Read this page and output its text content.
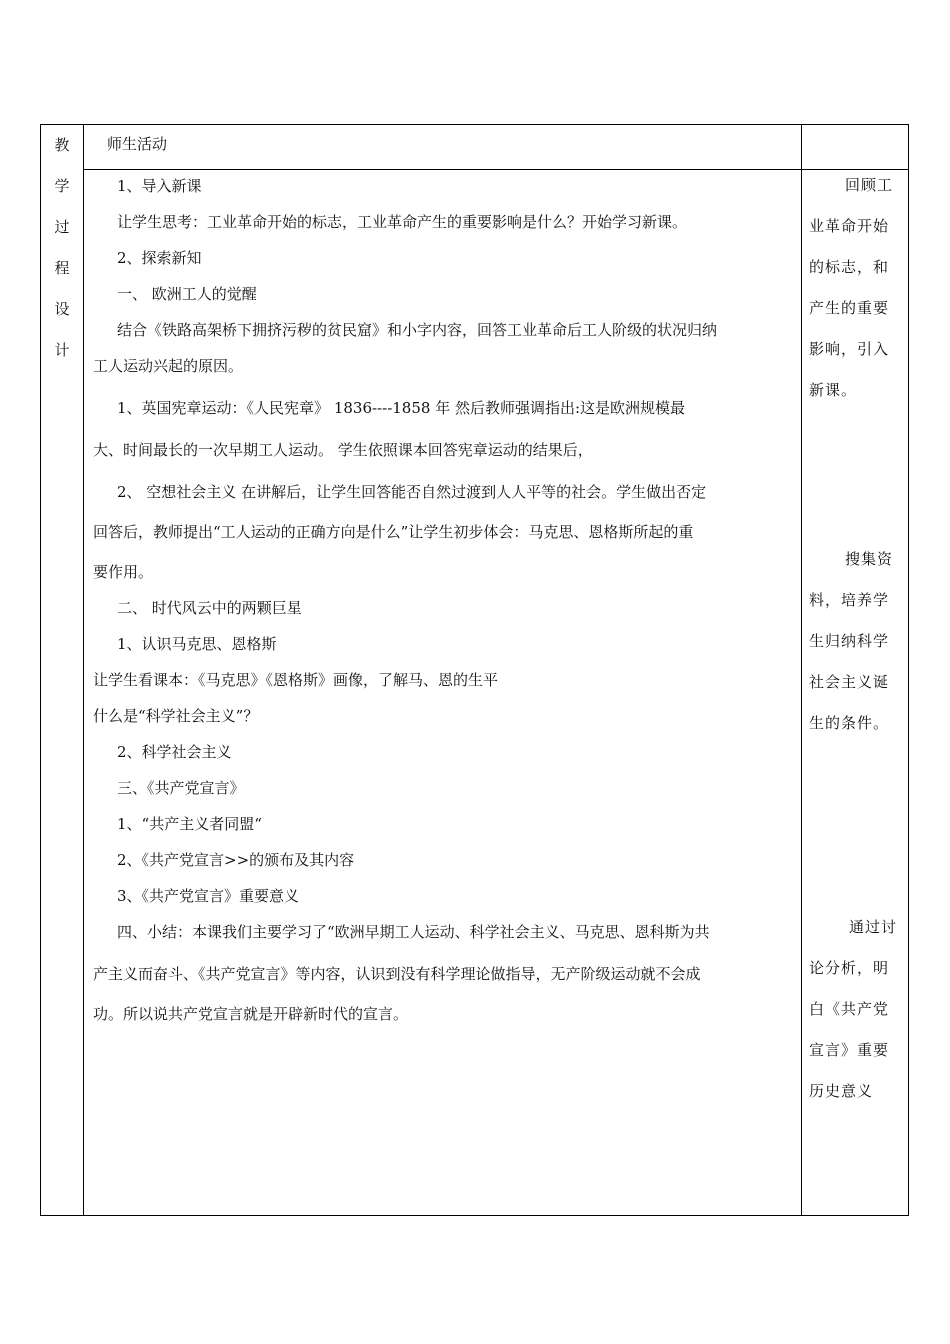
教
学
过
程
设
计
师生活动

1、导入新课

让学生思考：工业革命开始的标志，工业革命产生的重要影响是什么？开始学习新课。

2、探索新知

一、 欧洲工人的觉醒

结合《铁路高架桥下拥挤污秽的贫民窟》和小字内容，回答工业革命后工人阶级的状况归纳

工人运动兴起的原因。

1、英国宪章运动：《人民宪章》 1836----1858 年 然后教师强调指出:这是欧洲规模最

大、时间最长的一次早期工人运动。 学生依照课本回答宪章运动的结果后，

2、 空想社会主义 在讲解后，让学生回答能否自然过渡到人人平等的社会。学生做出否定

回答后，教师提出“工人运动的正确方向是什么”让学生初步体会：马克思、恩格斯所起的重

要作用。

二、 时代风云中的两颗巨星

1、认识马克思、恩格斯

让学生看课本：《马克思》《恩格斯》画像，了解马、恩的生平

什么是“科学社会主义”？

2、科学社会主义

三、《共产党宣言》

1、“共产主义者同盟“

2、《共产党宣言>>的颁布及其内容

3、《共产党宣言》重要意义

四、小结：本课我们主要学习了“欧洲早期工人运动、科学社会主义、马克思、恩科斯为共

产主义而奋斗、《共产党宣言》等内容，认识到没有科学理论做指导，无产阶级运动就不会成

功。所以说共产党宣言就是开辟新时代的宣言。

回顾工

业革命开始

的标志，和

产生的重要

影响，引入

新课。

搜集资

料，培养学

生归纳科学

社会主义诞

生的条件。

通过讨

论分析，明

白《共产党

宣言》重要

历史意义
